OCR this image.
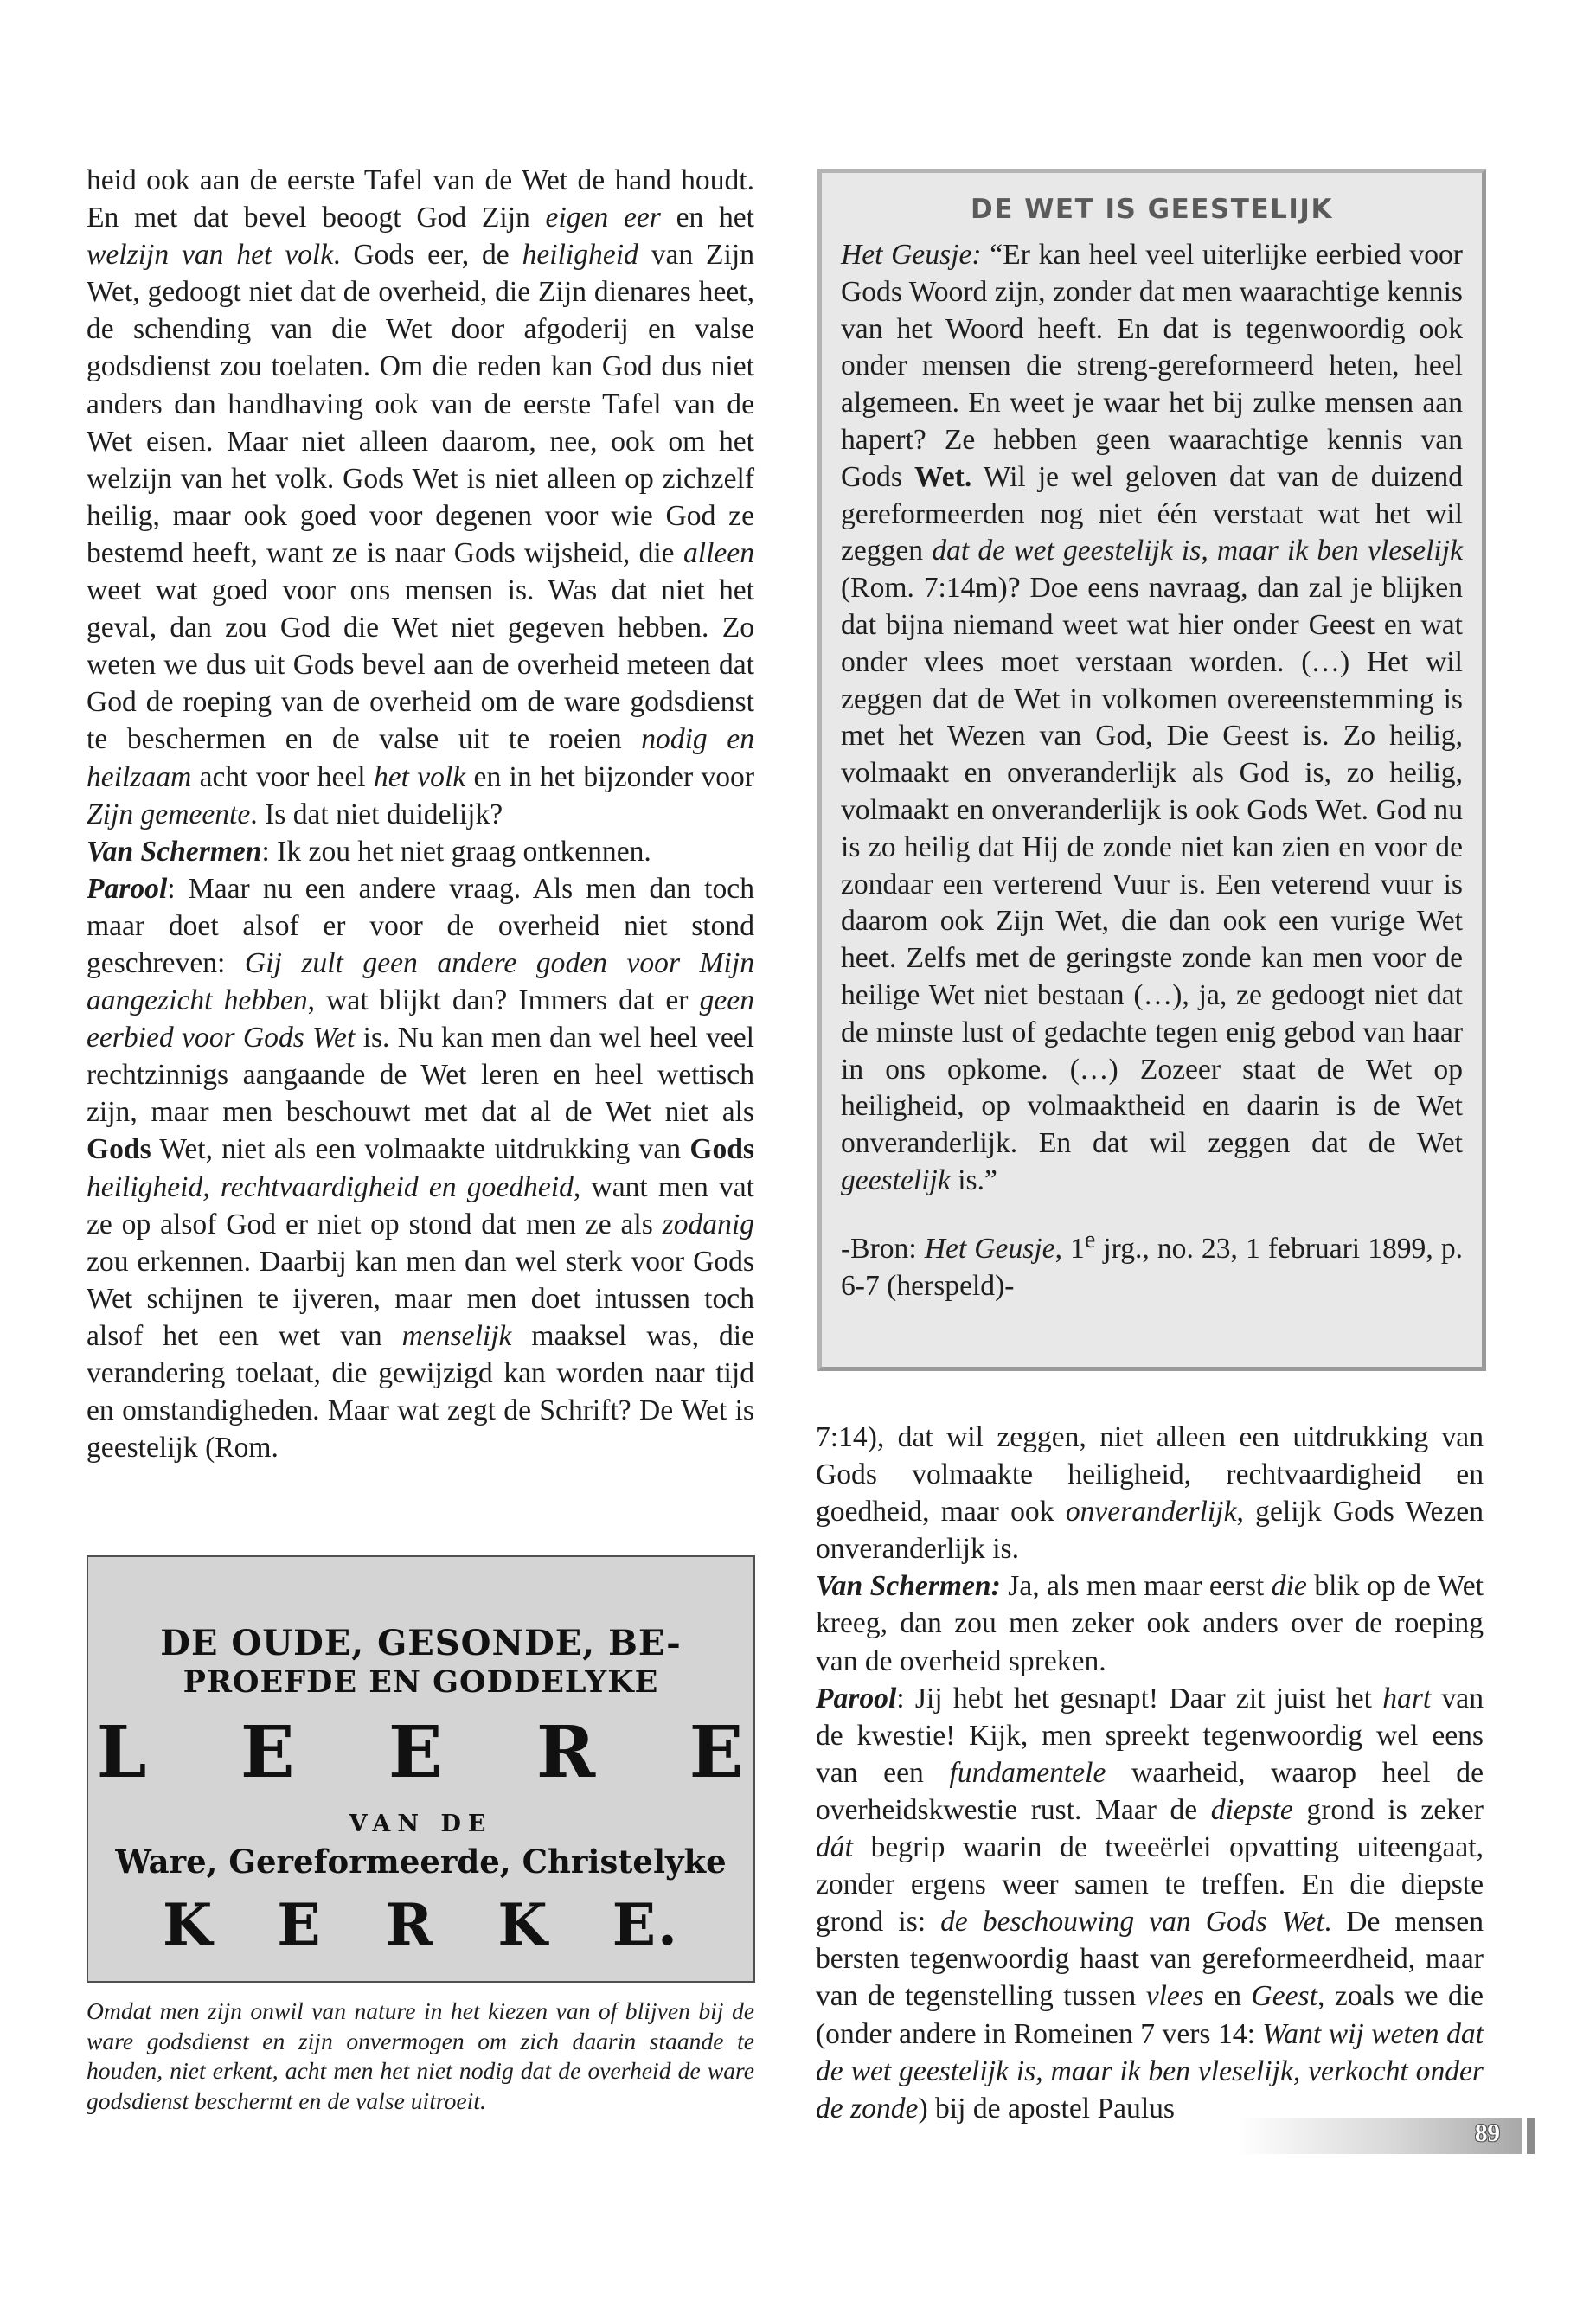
heid ook aan de eerste Tafel van de Wet de hand houdt. En met dat bevel beoogt God Zijn eigen eer en het welzijn van het volk. Gods eer, de heiligheid van Zijn Wet, gedoogt niet dat de overheid, die Zijn dienares heet, de schending van die Wet door afgoderij en valse godsdienst zou toelaten. Om die reden kan God dus niet anders dan handhaving ook van de eerste Tafel van de Wet eisen. Maar niet alleen daarom, nee, ook om het welzijn van het volk. Gods Wet is niet alleen op zichzelf heilig, maar ook goed voor degenen voor wie God ze bestemd heeft, want ze is naar Gods wijsheid, die alleen weet wat goed voor ons mensen is. Was dat niet het geval, dan zou God die Wet niet gegeven hebben. Zo weten we dus uit Gods bevel aan de overheid meteen dat God de roeping van de overheid om de ware godsdienst te beschermen en de valse uit te roeien nodig en heilzaam acht voor heel het volk en in het bijzonder voor Zijn gemeente. Is dat niet duidelijk?

Van Schermen: Ik zou het niet graag ontkennen.

Parool: Maar nu een andere vraag. Als men dan toch maar doet alsof er voor de overheid niet stond geschreven: Gij zult geen andere goden voor Mijn aangezicht hebben, wat blijkt dan? Immers dat er geen eerbied voor Gods Wet is. Nu kan men dan wel heel veel rechtzinnigs aangaande de Wet leren en heel wettisch zijn, maar men beschouwt met dat al de Wet niet als Gods Wet, niet als een volmaakte uitdrukking van Gods heiligheid, rechtvaardigheid en goedheid, want men vat ze op alsof God er niet op stond dat men ze als zodanig zou erkennen. Daarbij kan men dan wel sterk voor Gods Wet schijnen te ijveren, maar men doet intussen toch alsof het een wet van menselijk maaksel was, die verandering toelaat, die gewijzigd kan worden naar tijd en omstandigheden. Maar wat zegt de Schrift? De Wet is geestelijk (Rom.

DE WET IS GEESTELIJK

Het Geusje: “Er kan heel veel uiterlijke eerbied voor Gods Woord zijn, zonder dat men waarachtige kennis van het Woord heeft. En dat is tegenwoordig ook onder mensen die streng-gereformeerd heten, heel algemeen. En weet je waar het bij zulke mensen aan hapert? Ze hebben geen waarachtige kennis van Gods Wet. Wil je wel geloven dat van de duizend gereformeerden nog niet één verstaat wat het wil zeggen dat de wet geestelijk is, maar ik ben vleselijk (Rom. 7:14m)? Doe eens navraag, dan zal je blijken dat bijna niemand weet wat hier onder Geest en wat onder vlees moet verstaan worden. (…) Het wil zeggen dat de Wet in volkomen overeenstemming is met het Wezen van God, Die Geest is. Zo heilig, volmaakt en onveranderlijk als God is, zo heilig, volmaakt en onveranderlijk is ook Gods Wet. God nu is zo heilig dat Hij de zonde niet kan zien en voor de zondaar een verterend Vuur is. Een veterend vuur is daarom ook Zijn Wet, die dan ook een vurige Wet heet. Zelfs met de geringste zonde kan men voor de heilige Wet niet bestaan (…), ja, ze gedoogt niet dat de minste lust of gedachte tegen enig gebod van haar in ons opkome. (…) Zozeer staat de Wet op heiligheid, op volmaaktheid en daarin is de Wet onveranderlijk. En dat wil zeggen dat de Wet geestelijk is.”

-Bron: Het Geusje, 1e jrg., no. 23, 1 februari 1899, p. 6-7 (herspeld)-

DE OUDE, GESONDE, BE-
PROEFDE EN GODDELYKE
L E E R E
VAN DE
Ware, Gereformeerde, Christelyke
K E R K E.
Omdat men zijn onwil van nature in het kiezen van of blijven bij de ware godsdienst en zijn onvermogen om zich daarin staande te houden, niet erkent, acht men het niet nodig dat de overheid de ware godsdienst beschermt en de valse uitroeit.

7:14), dat wil zeggen, niet alleen een uitdrukking van Gods volmaakte heiligheid, rechtvaardigheid en goedheid, maar ook onveranderlijk, gelijk Gods Wezen onveranderlijk is.

Van Schermen: Ja, als men maar eerst die blik op de Wet kreeg, dan zou men zeker ook anders over de roeping van de overheid spreken.

Parool: Jij hebt het gesnapt! Daar zit juist het hart van de kwestie! Kijk, men spreekt tegenwoordig wel eens van een fundamentele waarheid, waarop heel de overheidskwestie rust. Maar de diepste grond is zeker dát begrip waarin de tweeërlei opvatting uiteengaat, zonder ergens weer samen te treffen. En die diepste grond is: de beschouwing van Gods Wet. De mensen bersten tegenwoordig haast van gereformeerdheid, maar van de tegenstelling tussen vlees en Geest, zoals we die (onder andere in Romeinen 7 vers 14: Want wij weten dat de wet geestelijk is, maar ik ben vleselijk, verkocht onder de zonde) bij de apostel Paulus

89
